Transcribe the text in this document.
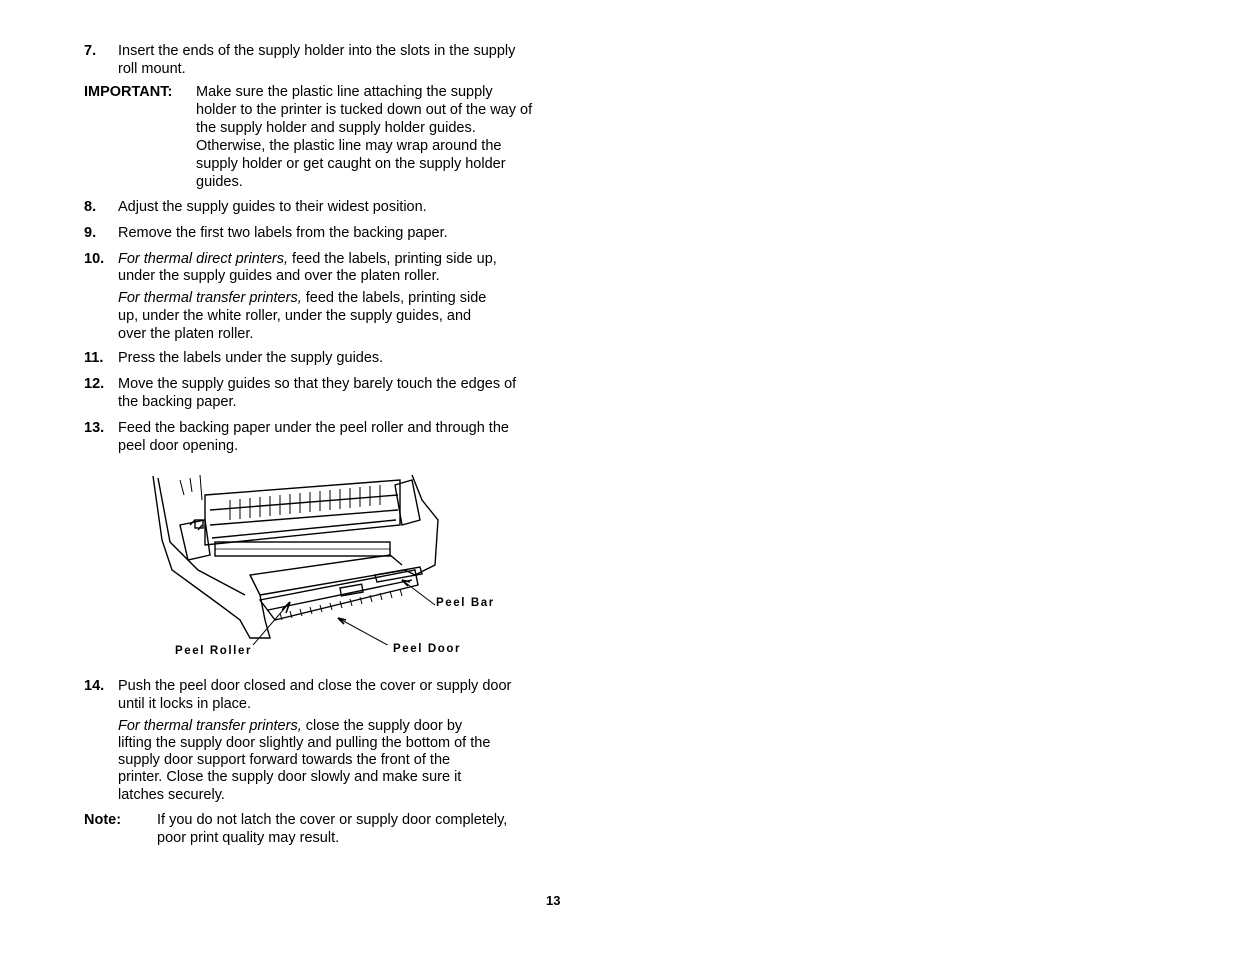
7. Insert the ends of the supply holder into the slots in the supply
roll mount.
IMPORTANT: Make sure the plastic line attaching the supply
holder to the printer is tucked down out of the way of
the supply holder and supply holder guides.
Otherwise, the plastic line may wrap around the
supply holder or get caught on the supply holder
guides.
8. Adjust the supply guides to their widest position.
9. Remove the first two labels from the backing paper.
10. For thermal direct printers, feed the labels, printing side up,
under the supply guides and over the platen roller.
For thermal transfer printers, feed the labels, printing side
up, under the white roller, under the supply guides, and
over the platen roller.
11. Press the labels under the supply guides.
12. Move the supply guides so that they barely touch the edges of
the backing paper.
13. Feed the backing paper under the peel roller and through the
peel door opening.
Peel Bar
Peel Door
Peel Roller
14. Push the peel door closed and close the cover or supply door
until it locks in place.
For thermal transfer printers, close the supply door by
lifting the supply door slightly and pulling the bottom of the
supply door support forward towards the front of the
printer. Close the supply door slowly and make sure it
latches securely.
Note: If you do not latch the cover or supply door completely,
poor print quality may result.
13
